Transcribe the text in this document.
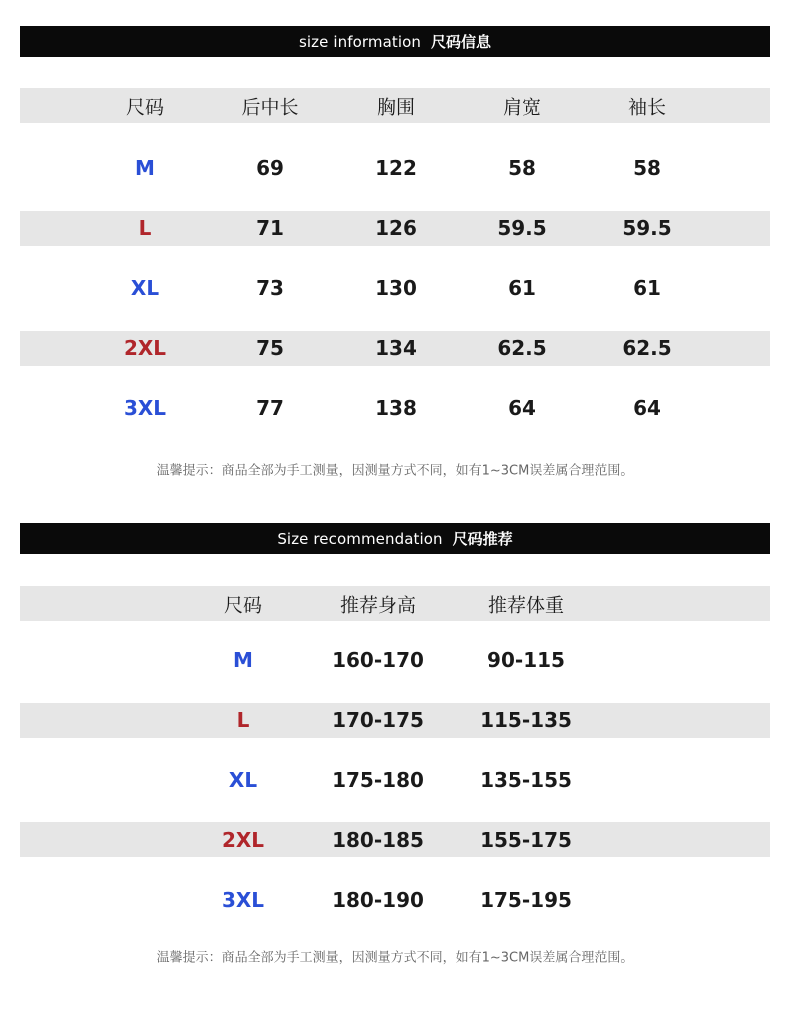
size information 尺码信息
尺码	后中长	胸围	肩宽	袖长
M	69	122	58	58
L	71	126	59.5	59.5
XL	73	130	61	61
2XL	75	134	62.5	62.5
3XL	77	138	64	64
温馨提示：商品全部为手工测量，因测量方式不同，如有1~3CM误差属合理范围。
Size recommendation 尺码推荐
尺码	推荐身高	推荐体重
M	160-170	90-115
L	170-175	115-135
XL	175-180	135-155
2XL	180-185	155-175
3XL	180-190	175-195
温馨提示：商品全部为手工测量，因测量方式不同，如有1~3CM误差属合理范围。
